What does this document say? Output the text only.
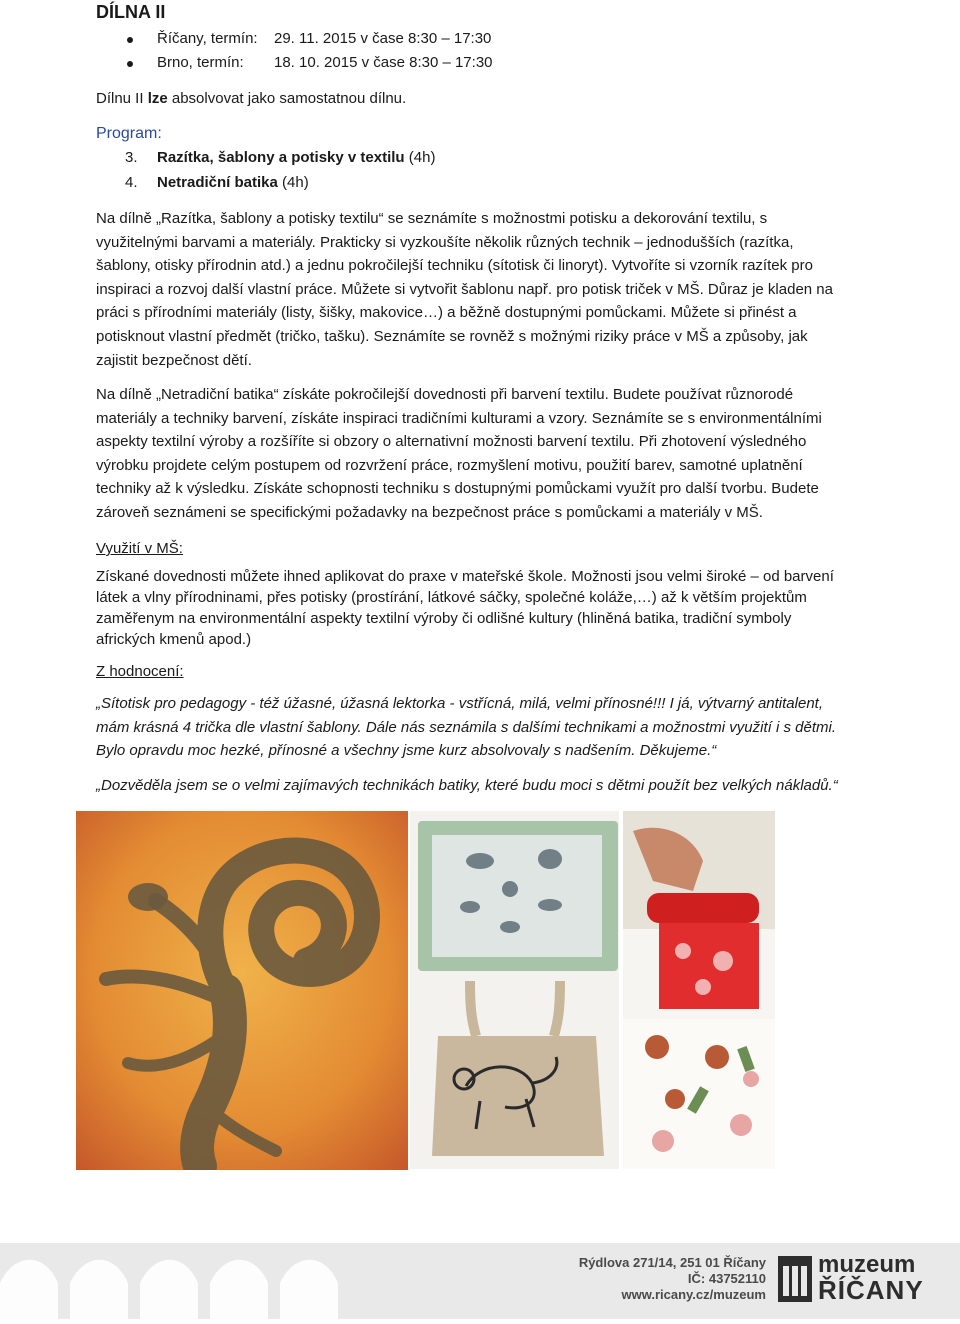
DÍLNA II
Říčany, termín: 29. 11. 2015 v čase 8:30 – 17:30
Brno, termín: 18. 10. 2015 v čase 8:30 – 17:30
Dílnu II lze absolvovat jako samostatnou dílnu.
Program:
3. Razítka, šablony a potisky v textilu (4h)
4. Netradiční batika (4h)
Na dílně „Razítka, šablony a potisky textilu“ se seznámíte s možnostmi potisku a dekorování textilu, s
využitelnými barvami a materiály. Prakticky si vyzkoušíte několik různých technik – jednodušších (razítka,
šablony, otisky přírodnin atd.) a jednu pokročilejší techniku (sítotisk či linoryt). Vytvoříte si vzorník razítek pro
inspiraci a rozvoj další vlastní práce. Můžete si vytvořit šablonu např. pro potisk triček v MŠ. Důraz je kladen na
práci s přírodními materiály (listy, šišky, makovice…) a běžně dostupnými pomůckami. Můžete si přinést a
potisknout vlastní předmět (tričko, tašku). Seznámíte se rovněž s možnými riziky práce v MŠ a způsoby, jak
zajistit bezpečnost dětí.
Na dílně „Netradiční batika“ získáte pokročilejší dovednosti při barvení textilu. Budete používat různorodé
materiály a techniky barvení, získáte inspiraci tradičními kulturami a vzory. Seznámíte se s environmentálními
aspekty textilní výroby a rozšíříte si obzory o alternativní možnosti barvení textilu. Při zhotovení výsledného
výrobku projdete celým postupem od rozvržení práce, rozmyšlení motivu, použití barev, samotné uplatnění
techniky až k výsledku. Získáte schopnosti techniku s dostupnými pomůckami využít pro další tvorbu. Budete
zároveň seznámeni se specifickými požadavky na bezpečnost práce s pomůckami a materiály v MŠ.
Využití v MŠ:
Získané dovednosti můžete ihned aplikovat do praxe v mateřské škole. Možnosti jsou velmi široké – od barvení
látek a vlny přírodninami, přes potisky (prostírání, látkové sáčky, společné koláže,…) až k větším projektům
zaměřenym na environmentální aspekty textilní výroby či odlišné kultury (hliněná batika, tradiční symboly
afrických kmenů apod.)
Z hodnocení:
„Sítotisk pro pedagogy - též úžasné, úžasná lektorka - vstřícná, milá, velmi přínosné!!! I já, výtvarný antitalent,
mám krásná 4 trička dle vlastní šablony. Dále nás seznámila s dalšími technikami a možnostmi využití i s dětmi.
Bylo opravdu moc hezké, přínosné a všechny jsme kurz absolvovaly s nadšením. Děkujeme.“
„Dozvěděla jsem se o velmi zajímavých technikách batiky, které budu moci s dětmi použít bez velkých nákladů.“
Rýdlova 271/14, 251 01 Říčany
IČ: 43752110
www.ricany.cz/muzeum
muzeum
ŘÍČANY
